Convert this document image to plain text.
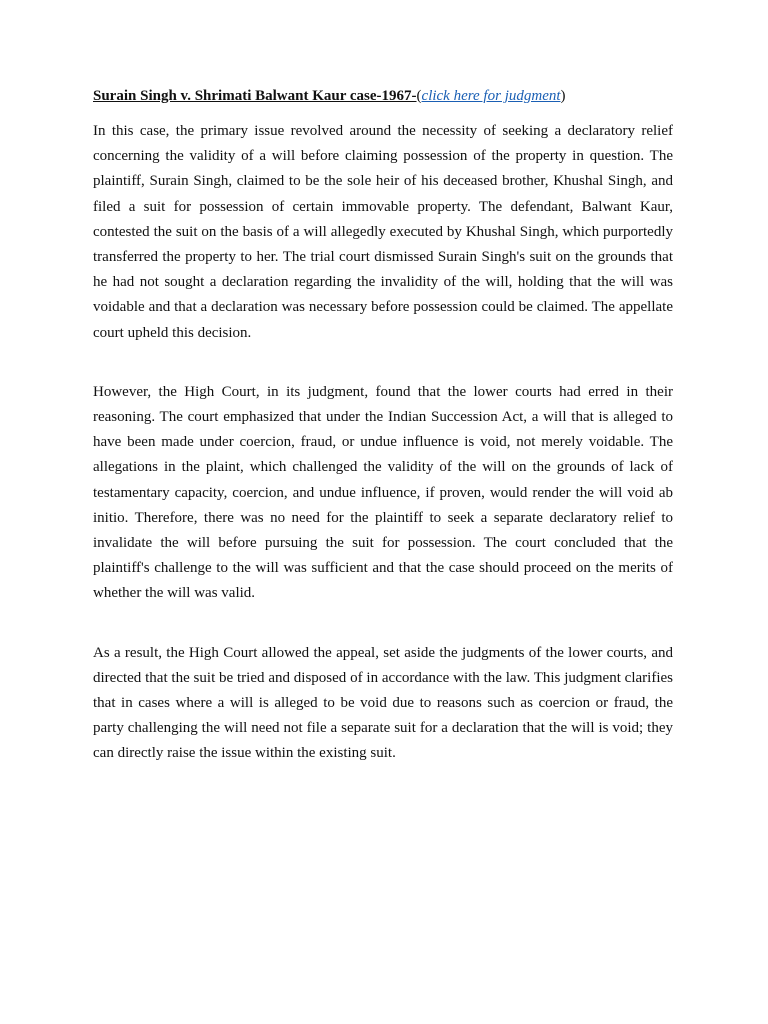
Surain Singh v. Shrimati Balwant Kaur case-1967-(click here for judgment)

In this case, the primary issue revolved around the necessity of seeking a declaratory relief concerning the validity of a will before claiming possession of the property in question. The plaintiff, Surain Singh, claimed to be the sole heir of his deceased brother, Khushal Singh, and filed a suit for possession of certain immovable property. The defendant, Balwant Kaur, contested the suit on the basis of a will allegedly executed by Khushal Singh, which purportedly transferred the property to her. The trial court dismissed Surain Singh's suit on the grounds that he had not sought a declaration regarding the invalidity of the will, holding that the will was voidable and that a declaration was necessary before possession could be claimed. The appellate court upheld this decision.

However, the High Court, in its judgment, found that the lower courts had erred in their reasoning. The court emphasized that under the Indian Succession Act, a will that is alleged to have been made under coercion, fraud, or undue influence is void, not merely voidable. The allegations in the plaint, which challenged the validity of the will on the grounds of lack of testamentary capacity, coercion, and undue influence, if proven, would render the will void ab initio. Therefore, there was no need for the plaintiff to seek a separate declaratory relief to invalidate the will before pursuing the suit for possession. The court concluded that the plaintiff's challenge to the will was sufficient and that the case should proceed on the merits of whether the will was valid.

As a result, the High Court allowed the appeal, set aside the judgments of the lower courts, and directed that the suit be tried and disposed of in accordance with the law. This judgment clarifies that in cases where a will is alleged to be void due to reasons such as coercion or fraud, the party challenging the will need not file a separate suit for a declaration that the will is void; they can directly raise the issue within the existing suit.
